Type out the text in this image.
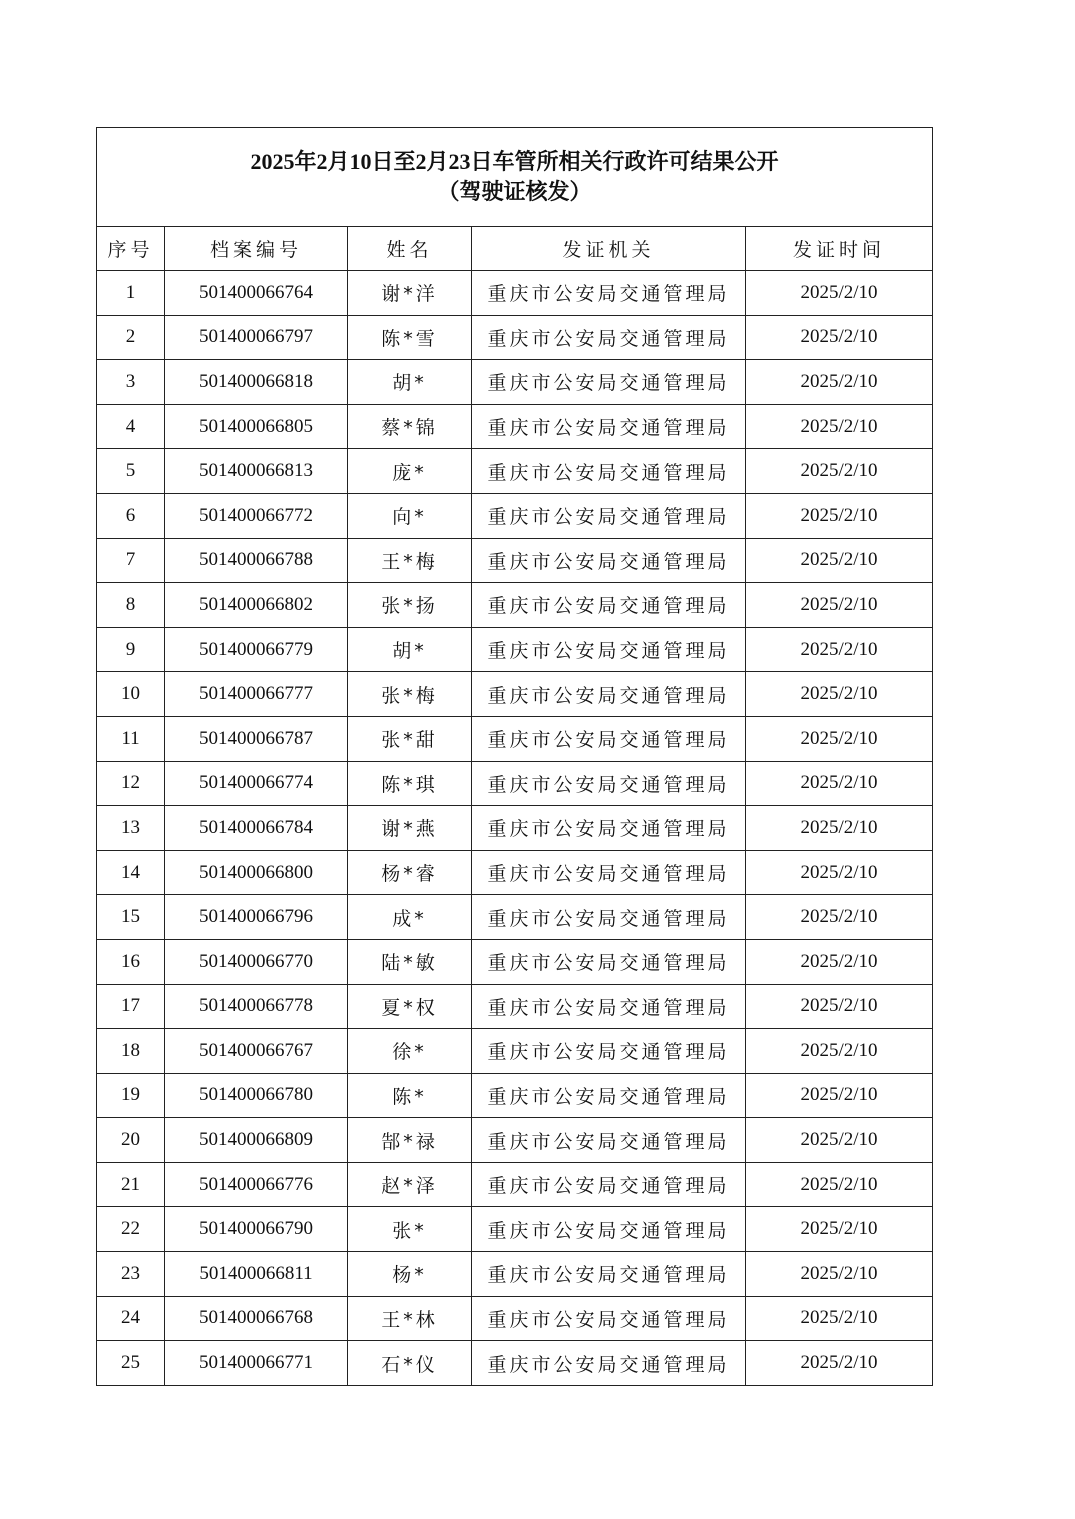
2025年2月10日至2月23日车管所相关行政许可结果公开
（驾驶证核发）				

序号	档案编号	姓名	发证机关	发证时间
1	501400066764	谢*洋	重庆市公安局交通管理局	2025/2/10
2	501400066797	陈*雪	重庆市公安局交通管理局	2025/2/10
3	501400066818	胡*	重庆市公安局交通管理局	2025/2/10
4	501400066805	蔡*锦	重庆市公安局交通管理局	2025/2/10
5	501400066813	庞*	重庆市公安局交通管理局	2025/2/10
6	501400066772	向*	重庆市公安局交通管理局	2025/2/10
7	501400066788	王*梅	重庆市公安局交通管理局	2025/2/10
8	501400066802	张*扬	重庆市公安局交通管理局	2025/2/10
9	501400066779	胡*	重庆市公安局交通管理局	2025/2/10
10	501400066777	张*梅	重庆市公安局交通管理局	2025/2/10
11	501400066787	张*甜	重庆市公安局交通管理局	2025/2/10
12	501400066774	陈*琪	重庆市公安局交通管理局	2025/2/10
13	501400066784	谢*燕	重庆市公安局交通管理局	2025/2/10
14	501400066800	杨*睿	重庆市公安局交通管理局	2025/2/10
15	501400066796	成*	重庆市公安局交通管理局	2025/2/10
16	501400066770	陆*敏	重庆市公安局交通管理局	2025/2/10
17	501400066778	夏*权	重庆市公安局交通管理局	2025/2/10
18	501400066767	徐*	重庆市公安局交通管理局	2025/2/10
19	501400066780	陈*	重庆市公安局交通管理局	2025/2/10
20	501400066809	郜*禄	重庆市公安局交通管理局	2025/2/10
21	501400066776	赵*泽	重庆市公安局交通管理局	2025/2/10
22	501400066790	张*	重庆市公安局交通管理局	2025/2/10
23	501400066811	杨*	重庆市公安局交通管理局	2025/2/10
24	501400066768	王*林	重庆市公安局交通管理局	2025/2/10
25	501400066771	石*仪	重庆市公安局交通管理局	2025/2/10
